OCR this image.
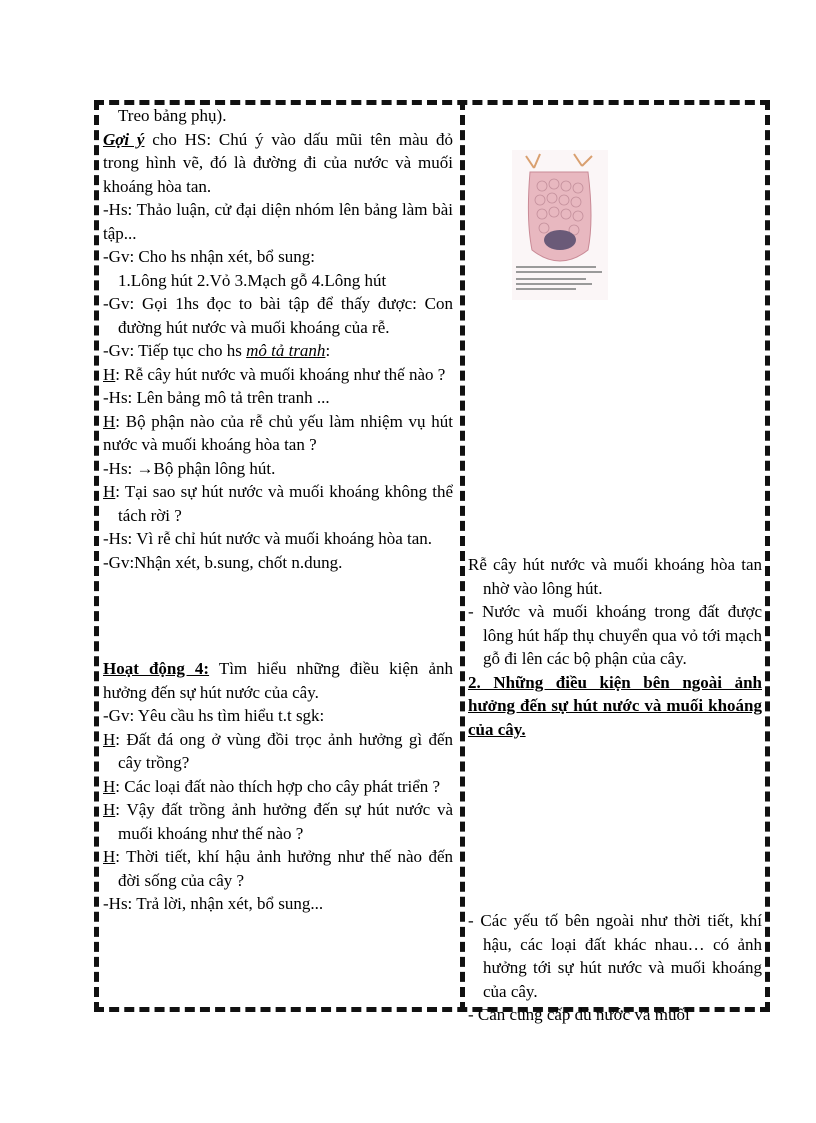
Treo bảng phụ).

Gợi ý cho HS: Chú ý vào dấu mũi tên màu đỏ trong hình vẽ, đó là đường đi của nước và muối khoáng hòa tan.

-Hs: Thảo luận, cử đại diện nhóm lên bảng làm bài tập...

-Gv: Cho hs nhận xét, bổ sung:

1.Lông hút 2.Vỏ 3.Mạch gỗ 4.Lông hút

-Gv: Gọi 1hs đọc to bài tập để thấy được: Con đường hút nước và muối khoáng của rễ.

-Gv: Tiếp tục cho hs mô tả tranh:

H: Rễ cây hút nước và muối khoáng như thế nào ?

-Hs: Lên bảng mô tả trên tranh ...

H: Bộ phận nào của rễ chủ yếu làm nhiệm vụ hút nước và muối khoáng hòa tan ?

-Hs: →Bộ phận lông hút.

H: Tại sao sự hút nước và muối khoáng không thể tách rời ?

-Hs: Vì rễ chỉ hút nước và muối khoáng hòa tan.

-Gv:Nhận xét, b.sung, chốt n.dung.

Hoạt động 4: Tìm hiểu những điều kiện ảnh hưởng đến sự hút nước của cây.

-Gv: Yêu cầu hs tìm hiểu t.t sgk:

H: Đất đá ong ở vùng đồi trọc ảnh hưởng gì đến cây trồng?

H: Các loại đất nào thích hợp cho cây phát triển ?

H: Vậy đất trồng ảnh hưởng đến sự hút nước và muối khoáng như thế nào ?

H: Thời tiết, khí hậu ảnh hưởng như thế nào đến đời sống của cây ?

-Hs: Trả lời, nhận xét, bổ sung...

Rễ cây hút nước và muối khoáng hòa tan nhờ vào lông hút.

- Nước và muối khoáng trong đất được lông hút hấp thụ chuyển qua vỏ tới mạch gỗ đi lên các bộ phận của cây.

2. Những điều kiện bên ngoài ảnh hưởng đến sự hút nước và muối khoáng của cây.

- Các yếu tố bên ngoài như thời tiết, khí hậu, các loại đất khác nhau… có ảnh hưởng tới sự hút nước và muối khoáng của cây.

- Cần cung cấp đủ nước và muối
